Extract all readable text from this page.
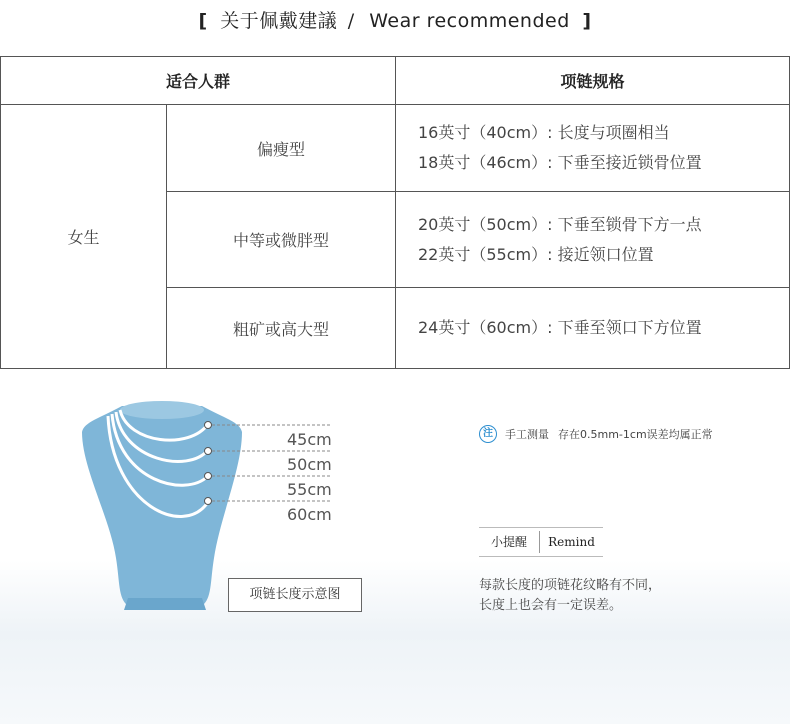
[ 关于佩戴建議 / Wear recommended ]
适合人群		项链规格
女生	偏瘦型	16英寸（40cm）: 长度与项圈相当
18英寸（46cm）: 下垂至接近锁骨位置

	中等或微胖型	20英寸（50cm）: 下垂至锁骨下方一点
22英寸（55cm）: 接近领口位置

	粗矿或高大型	24英寸（60cm）: 下垂至领口下方位置
45cm
50cm
55cm
60cm
项链长度示意图
注	手工测量 存在0.5mm-1cm误差均属正常
小提醒	Remind
每款长度的项链花纹略有不同，
长度上也会有一定误差。
